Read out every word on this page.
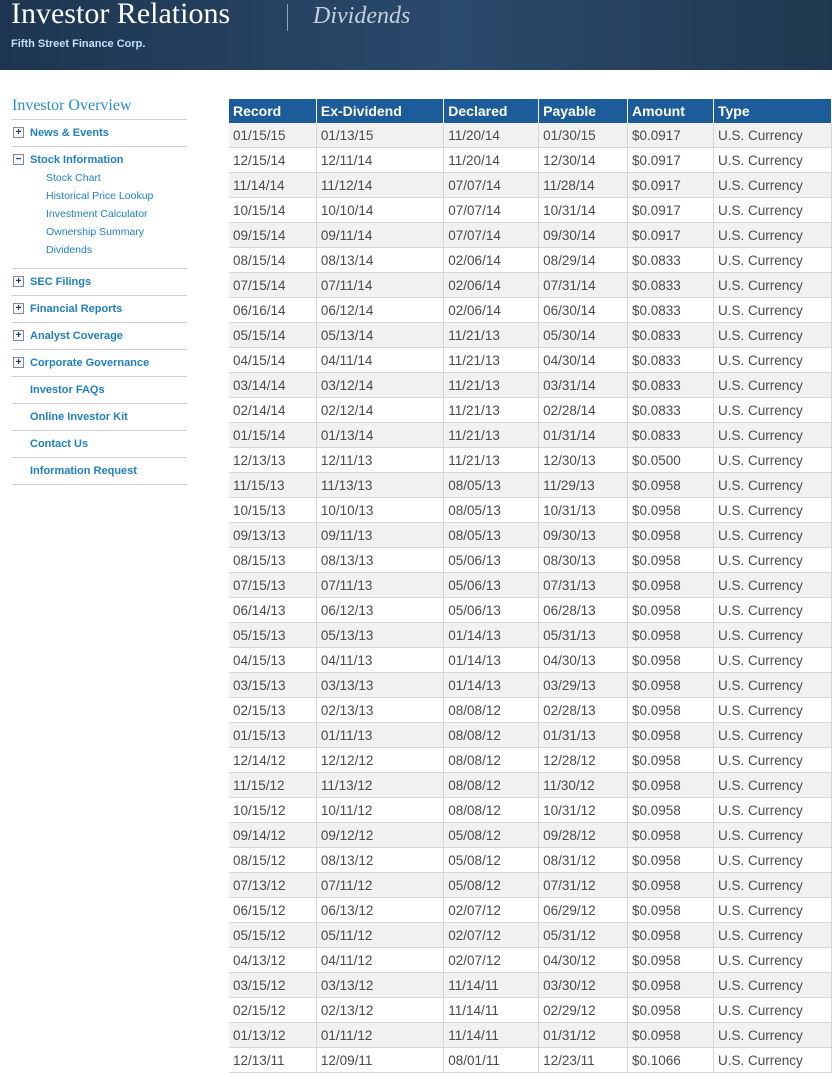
Investor Relations	Dividends
Fifth Street Finance Corp.
Investor Overview
+ News & Events
− Stock Information
Stock Chart
Historical Price Lookup
Investment Calculator
Ownership Summary
Dividends
+ SEC Filings
+ Financial Reports
+ Analyst Coverage
+ Corporate Governance
Investor FAQs
Online Investor Kit
Contact Us
Information Request
Record	Ex-Dividend	Declared	Payable	Amount	Type
01/15/15	01/13/15	11/20/14	01/30/15	$0.0917	U.S. Currency
12/15/14	12/11/14	11/20/14	12/30/14	$0.0917	U.S. Currency
11/14/14	11/12/14	07/07/14	11/28/14	$0.0917	U.S. Currency
10/15/14	10/10/14	07/07/14	10/31/14	$0.0917	U.S. Currency
09/15/14	09/11/14	07/07/14	09/30/14	$0.0917	U.S. Currency
08/15/14	08/13/14	02/06/14	08/29/14	$0.0833	U.S. Currency
07/15/14	07/11/14	02/06/14	07/31/14	$0.0833	U.S. Currency
06/16/14	06/12/14	02/06/14	06/30/14	$0.0833	U.S. Currency
05/15/14	05/13/14	11/21/13	05/30/14	$0.0833	U.S. Currency
04/15/14	04/11/14	11/21/13	04/30/14	$0.0833	U.S. Currency
03/14/14	03/12/14	11/21/13	03/31/14	$0.0833	U.S. Currency
02/14/14	02/12/14	11/21/13	02/28/14	$0.0833	U.S. Currency
01/15/14	01/13/14	11/21/13	01/31/14	$0.0833	U.S. Currency
12/13/13	12/11/13	11/21/13	12/30/13	$0.0500	U.S. Currency
11/15/13	11/13/13	08/05/13	11/29/13	$0.0958	U.S. Currency
10/15/13	10/10/13	08/05/13	10/31/13	$0.0958	U.S. Currency
09/13/13	09/11/13	08/05/13	09/30/13	$0.0958	U.S. Currency
08/15/13	08/13/13	05/06/13	08/30/13	$0.0958	U.S. Currency
07/15/13	07/11/13	05/06/13	07/31/13	$0.0958	U.S. Currency
06/14/13	06/12/13	05/06/13	06/28/13	$0.0958	U.S. Currency
05/15/13	05/13/13	01/14/13	05/31/13	$0.0958	U.S. Currency
04/15/13	04/11/13	01/14/13	04/30/13	$0.0958	U.S. Currency
03/15/13	03/13/13	01/14/13	03/29/13	$0.0958	U.S. Currency
02/15/13	02/13/13	08/08/12	02/28/13	$0.0958	U.S. Currency
01/15/13	01/11/13	08/08/12	01/31/13	$0.0958	U.S. Currency
12/14/12	12/12/12	08/08/12	12/28/12	$0.0958	U.S. Currency
11/15/12	11/13/12	08/08/12	11/30/12	$0.0958	U.S. Currency
10/15/12	10/11/12	08/08/12	10/31/12	$0.0958	U.S. Currency
09/14/12	09/12/12	05/08/12	09/28/12	$0.0958	U.S. Currency
08/15/12	08/13/12	05/08/12	08/31/12	$0.0958	U.S. Currency
07/13/12	07/11/12	05/08/12	07/31/12	$0.0958	U.S. Currency
06/15/12	06/13/12	02/07/12	06/29/12	$0.0958	U.S. Currency
05/15/12	05/11/12	02/07/12	05/31/12	$0.0958	U.S. Currency
04/13/12	04/11/12	02/07/12	04/30/12	$0.0958	U.S. Currency
03/15/12	03/13/12	11/14/11	03/30/12	$0.0958	U.S. Currency
02/15/12	02/13/12	11/14/11	02/29/12	$0.0958	U.S. Currency
01/13/12	01/11/12	11/14/11	01/31/12	$0.0958	U.S. Currency
12/13/11	12/09/11	08/01/11	12/23/11	$0.1066	U.S. Currency
